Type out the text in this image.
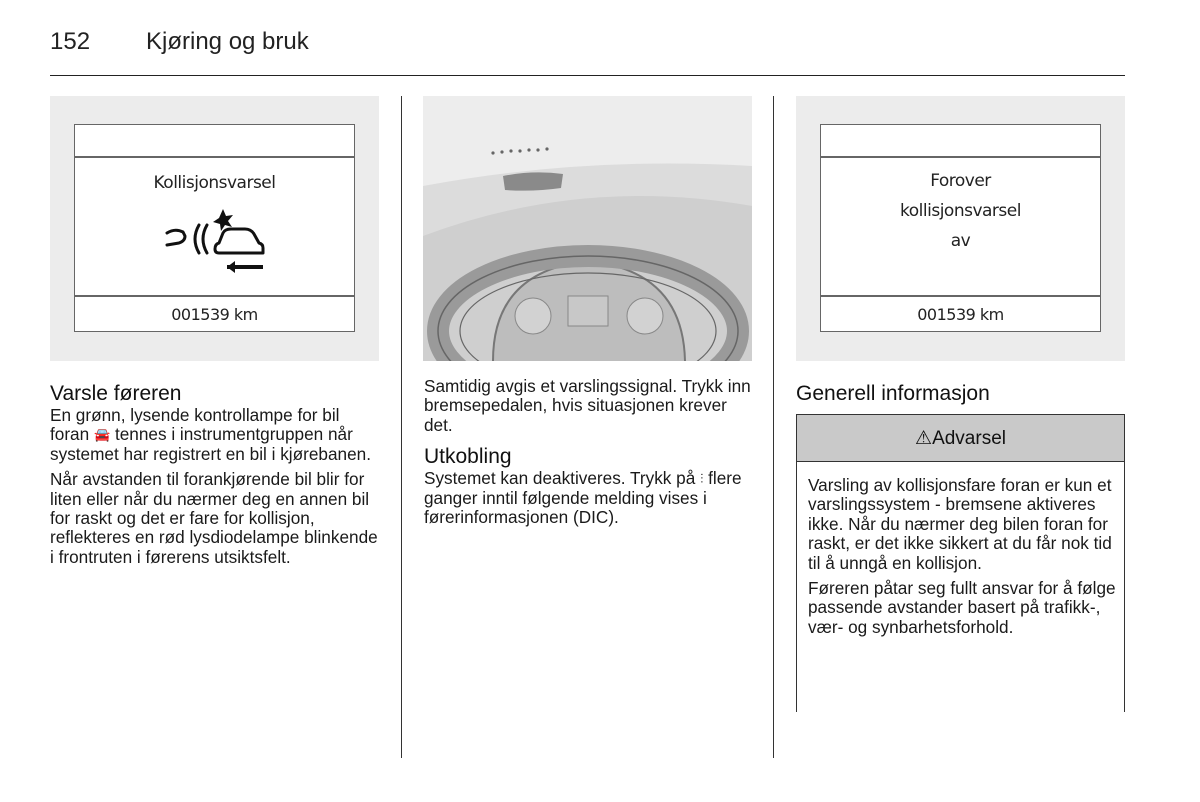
152 Kjøring og bruk
Kollisjonsvarsel
001539 km
Forover
kollisjonsvarsel
av
001539 km
Varsle føreren

En grønn, lysende kontrollampe for bil foran 🚘 tennes i instrumentgruppen når systemet har registrert en bil i kjørebanen.

Når avstanden til forankjørende bil blir for liten eller når du nærmer deg en annen bil for raskt og det er fare for kollisjon, reflekteres en rød lysdiodelampe blinkende i frontruten i førerens utsiktsfelt.

Samtidig avgis et varslingssignal. Trykk inn bremsepedalen, hvis situasjonen krever det.

Utkobling

Systemet kan deaktiveres. Trykk på ⫶ flere ganger inntil følgende melding vises i førerinformasjonen (DIC).

Generell informasjon
⚠Advarsel

Varsling av kollisjonsfare foran er kun et varslingssystem - bremsene aktiveres ikke. Når du nærmer deg bilen foran for raskt, er det ikke sikkert at du får nok tid til å unngå en kollisjon.

Føreren påtar seg fullt ansvar for å følge passende avstander basert på trafikk-, vær- og synbarhetsforhold.
